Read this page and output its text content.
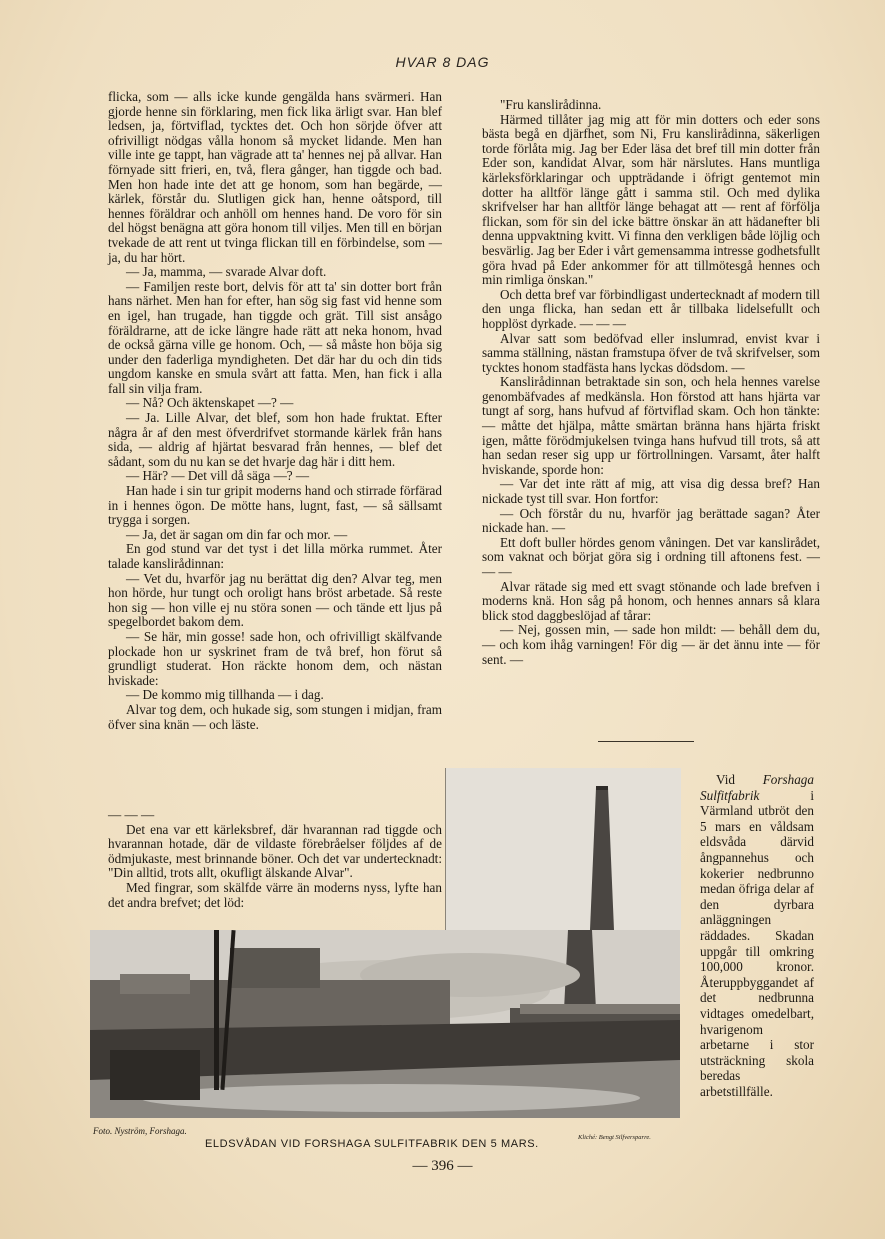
HVAR 8 DAG

flicka, som — alls icke kunde gengälda hans svärmeri. Han gjorde henne sin förklaring, men fick lika ärligt svar. Han blef ledsen, ja, förtviflad, tycktes det. Och hon sörjde öfver att ofrivilligt nödgas vålla honom så mycket lidande. Men han ville inte ge tappt, han vägrade att ta' hennes nej på allvar. Han förnyade sitt frieri, en, två, flera gånger, han tiggde och bad. Men hon hade inte det att ge honom, som han begärde, — kärlek, förstår du. Slutligen gick han, henne oåtspord, till hennes föräldrar och anhöll om hennes hand. De voro för sin del högst benägna att göra honom till viljes. Men till en början tvekade de att rent ut tvinga flickan till en förbindelse, som — ja, du har hört.

— Ja, mamma, — svarade Alvar doft.

— Familjen reste bort, delvis för att ta' sin dotter bort från hans närhet. Men han for efter, han sög sig fast vid henne som en igel, han trugade, han tiggde och grät. Till sist ansågo föräldrarne, att de icke längre hade rätt att neka honom, hvad de också gärna ville ge honom. Och, — så måste hon böja sig under den faderliga myndigheten. Det där har du och din tids ungdom kanske en smula svårt att fatta. Men, han fick i alla fall sin vilja fram.

— Nå? Och äktenskapet —? —

— Ja. Lille Alvar, det blef, som hon hade fruktat. Efter några år af den mest öfverdrifvet stormande kärlek från hans sida, — aldrig af hjärtat besvarad från hennes, — blef det sådant, som du nu kan se det hvarje dag här i ditt hem.

— Här? — Det vill då säga —? —

Han hade i sin tur gripit moderns hand och stirrade förfärad in i hennes ögon. De mötte hans, lugnt, fast, — så sällsamt trygga i sorgen.

— Ja, det är sagan om din far och mor. —

En god stund var det tyst i det lilla mörka rummet. Åter talade kanslirådinnan:

— Vet du, hvarför jag nu berättat dig den? Alvar teg, men hon hörde, hur tungt och oroligt hans bröst arbetade. Så reste hon sig — hon ville ej nu störa sonen — och tände ett ljus på spegelbordet bakom dem.

— Se här, min gosse! sade hon, och ofrivilligt skälfvande plockade hon ur syskrinet fram de två bref, hon förut så grundligt studerat. Hon räckte honom dem, och nästan hviskade:

— De kommo mig tillhanda — i dag.

Alvar tog dem, och hukade sig, som stungen i midjan, fram öfver sina knän — och läste.

— — —

Det ena var ett kärleksbref, där hvarannan rad tiggde och hvarannan hotade, där de vildaste förebråelser följdes af de ödmjukaste, mest brinnande böner. Och det var undertecknadt: "Din alltid, trots allt, okufligt älskande Alvar".

Med fingrar, som skälfde värre än moderns nyss, lyfte han det andra brefvet; det löd:

"Fru kanslirådinna.

Härmed tillåter jag mig att för min dotters och eder sons bästa begå en djärfhet, som Ni, Fru kanslirådinna, säkerligen torde förlåta mig. Jag ber Eder läsa det bref till min dotter från Eder son, kandidat Alvar, som här närslutes. Hans muntliga kärleksförklaringar och uppträdande i öfrigt gentemot min dotter ha alltför länge gått i samma stil. Och med dylika skrifvelser har han alltför länge behagat att — rent af förfölja flickan, som för sin del icke bättre önskar än att hädanefter bli denna uppvaktning kvitt. Vi finna den verkligen både löjlig och besvärlig. Jag ber Eder i vårt gemensamma intresse godhetsfullt göra hvad på Eder ankommer för att tillmötesgå hennes och min rimliga önskan."

Och detta bref var förbindligast undertecknadt af modern till den unga flicka, han sedan ett år tillbaka lidelsefullt och hopplöst dyrkade. — — —

Alvar satt som bedöfvad eller inslumrad, envist kvar i samma ställning, nästan framstupa öfver de två skrifvelser, som tycktes honom stadfästa hans lyckas dödsdom. —

Kanslirådinnan betraktade sin son, och hela hennes varelse genombäfvades af medkänsla. Hon förstod att hans hjärta var tungt af sorg, hans hufvud af förtviflad skam. Och hon tänkte: — måtte det hjälpa, måtte smärtan bränna hans hjärta friskt igen, måtte förödmjukelsen tvinga hans hufvud till trots, så att han sedan reser sig upp ur förtrollningen. Varsamt, åter halft hviskande, sporde hon:

— Var det inte rätt af mig, att visa dig dessa bref? Han nickade tyst till svar. Hon fortfor:

— Och förstår du nu, hvarför jag berättade sagan? Åter nickade han. —

Ett doft buller hördes genom våningen. Det var kanslirådet, som vaknat och börjat göra sig i ordning till aftonens fest. — — —

Alvar rätade sig med ett svagt stönande och lade brefven i moderns knä. Hon såg på honom, och hennes annars så klara blick stod daggbeslöjad af tårar:

— Nej, gossen min, — sade hon mildt: — behåll dem du, — och kom ihåg varningen! För dig — är det ännu inte — för sent. —

Vid Forshaga Sulfitfabrik	i Värmland utbröt den 5 mars en våldsam eldsvåda därvid ångpannehus och kokerier nedbrunno medan öfriga delar af den dyrbara anläggningen räddades. Skadan uppgår till omkring 100,000 kronor. Återuppbyggandet af det nedbrunna vidtages omedelbart, hvarigenom arbetarne i stor utsträckning skola beredas arbetstillfälle.

Foto. Nyström, Forshaga.
Kliché: Bengt Silfversparre.
ELDSVÅDAN VID FORSHAGA SULFITFABRIK DEN 5 MARS.
— 396 —
